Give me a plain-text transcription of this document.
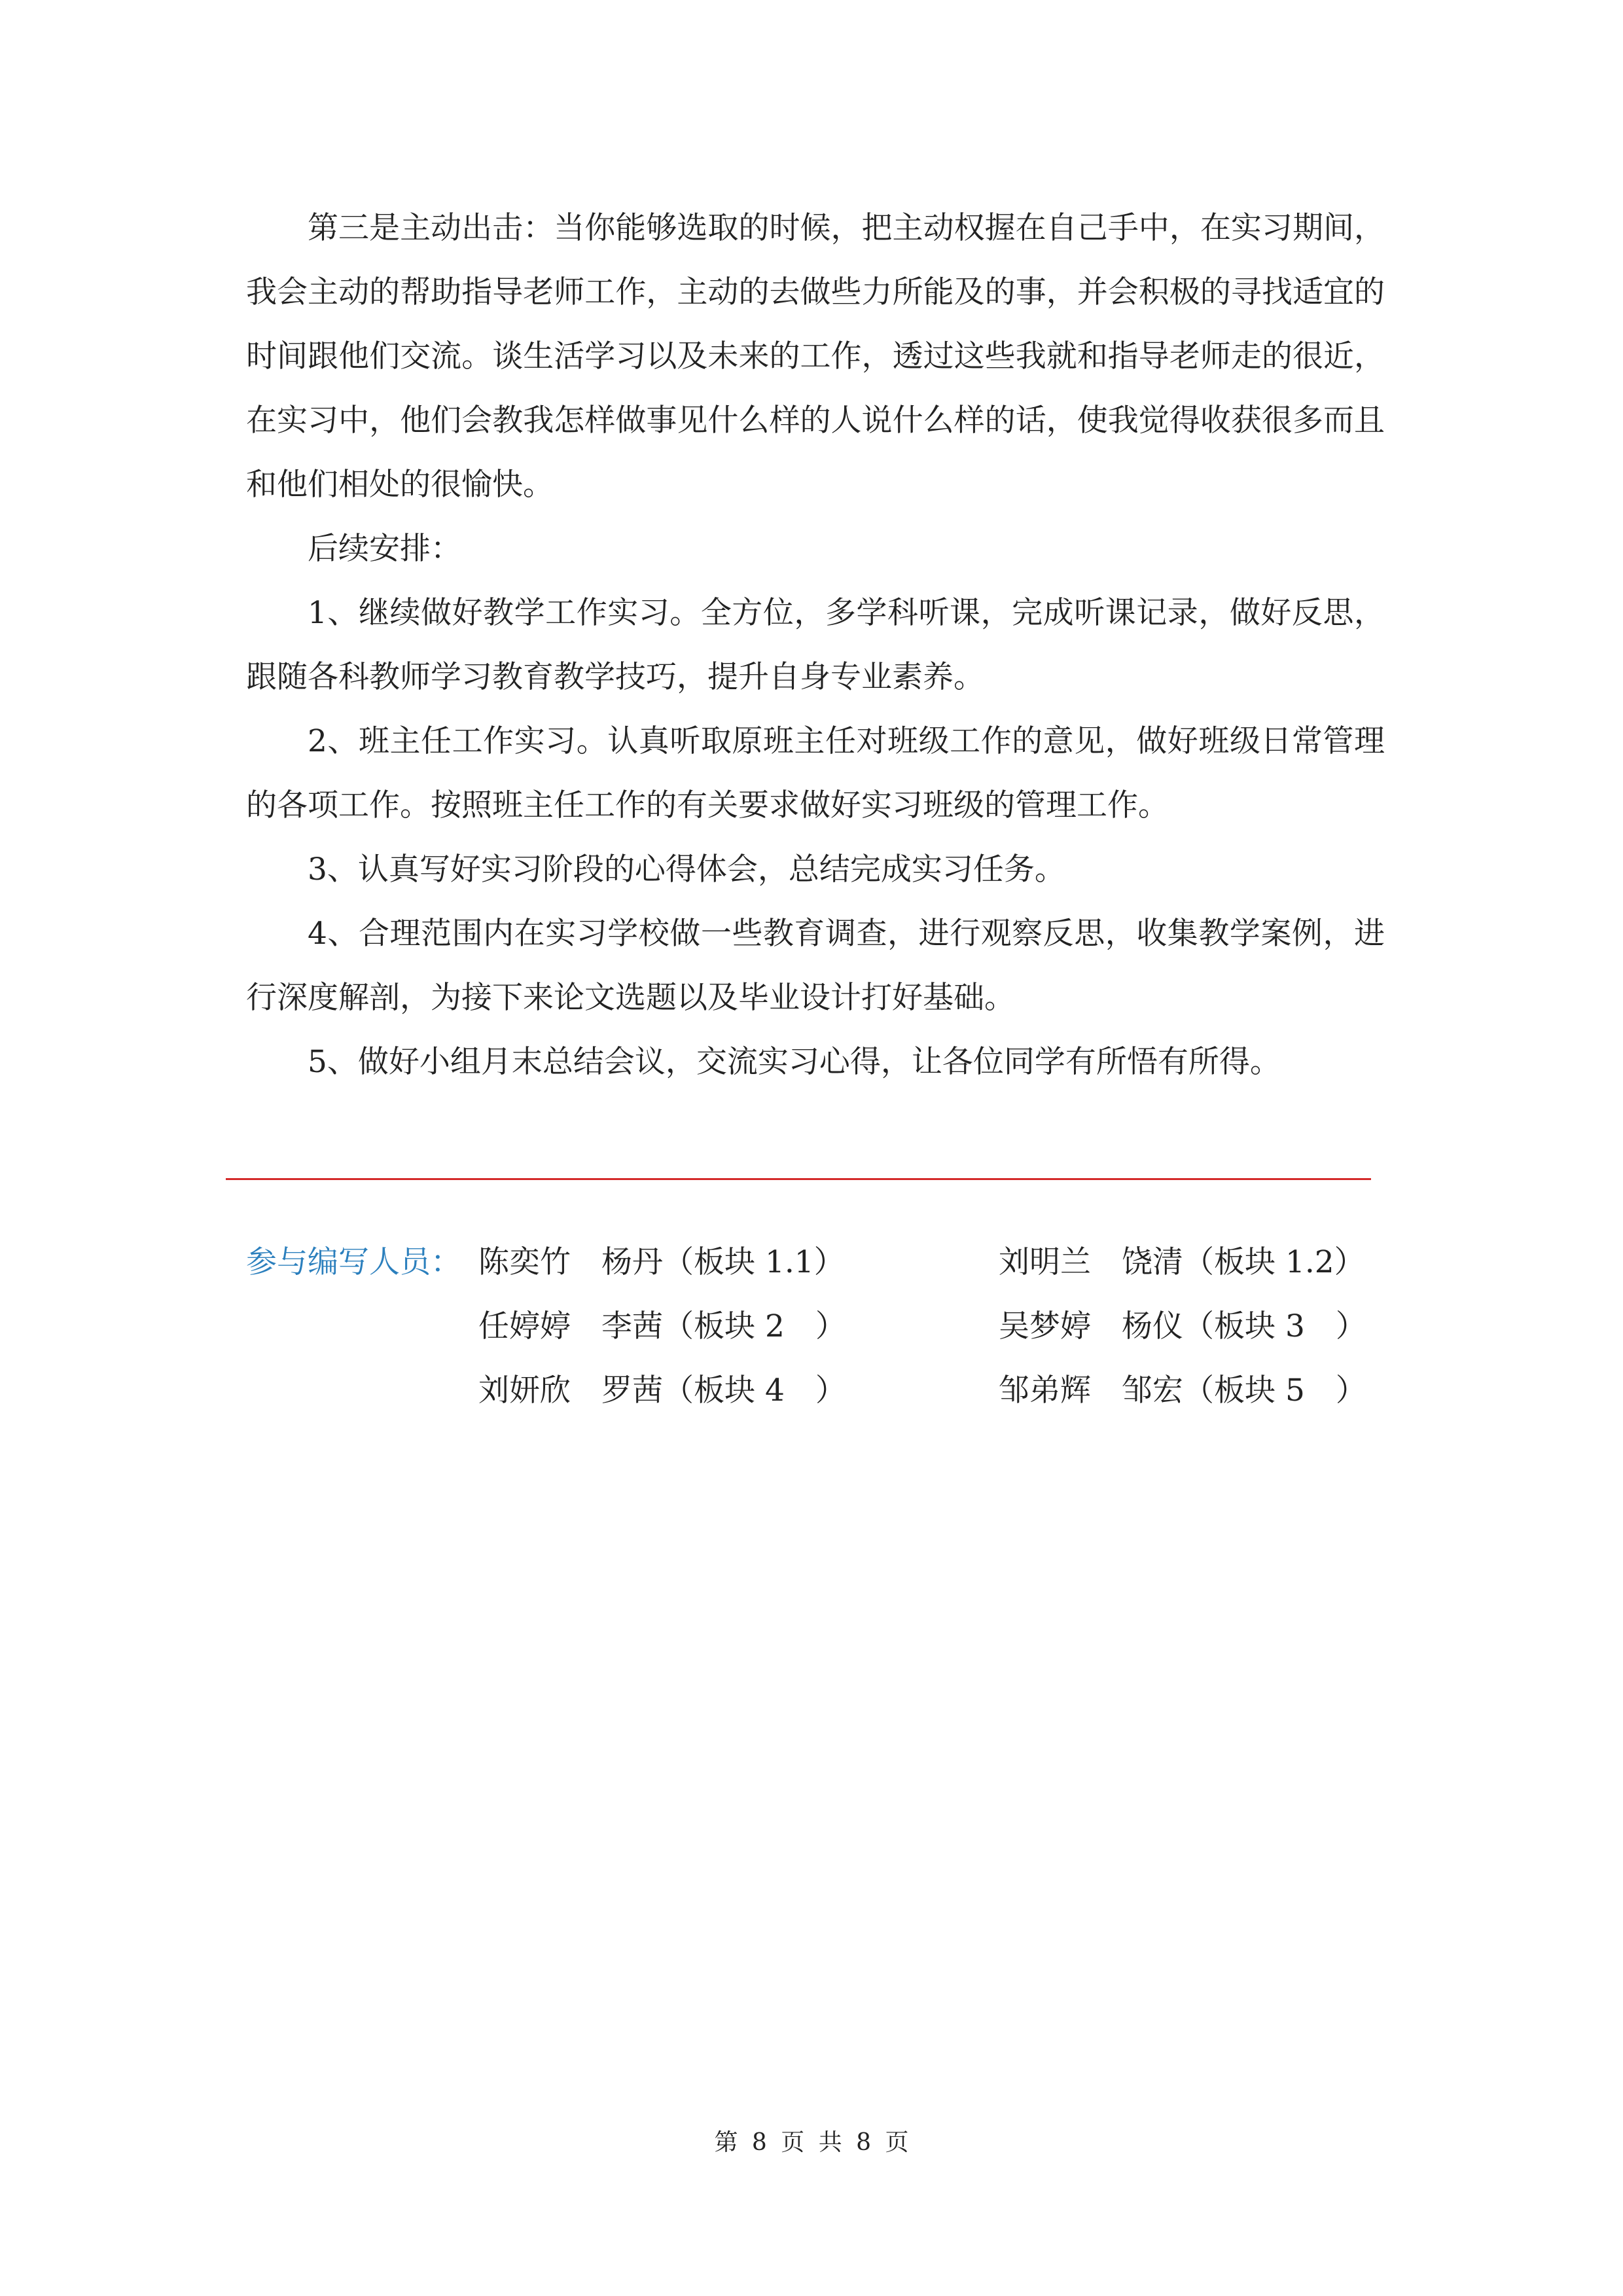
第三是主动出击：当你能够选取的时候，把主动权握在自己手中，在实习期间，我会主动的帮助指导老师工作，主动的去做些力所能及的事，并会积极的寻找适宜的时间跟他们交流。谈生活学习以及未来的工作，透过这些我就和指导老师走的很近，在实习中，他们会教我怎样做事见什么样的人说什么样的话，使我觉得收获很多而且和他们相处的很愉快。

后续安排：

1、继续做好教学工作实习。全方位，多学科听课，完成听课记录，做好反思，跟随各科教师学习教育教学技巧，提升自身专业素养。

2、班主任工作实习。认真听取原班主任对班级工作的意见，做好班级日常管理的各项工作。按照班主任工作的有关要求做好实习班级的管理工作。

3、认真写好实习阶段的心得体会，总结完成实习任务。

4、合理范围内在实习学校做一些教育调查，进行观察反思，收集教学案例，进行深度解剖，为接下来论文选题以及毕业设计打好基础。

5、做好小组月末总结会议，交流实习心得，让各位同学有所悟有所得。

参与编写人员： 陈奕竹　杨丹（板块 1.1）	刘明兰　饶清（板块 1.2）
任婷婷　李茜（板块 2　）	吴梦婷　杨仪（板块 3　）
刘妍欣　罗茜（板块 4　）	邹弟辉　邹宏（板块 5　）
第 8 页 共 8 页
